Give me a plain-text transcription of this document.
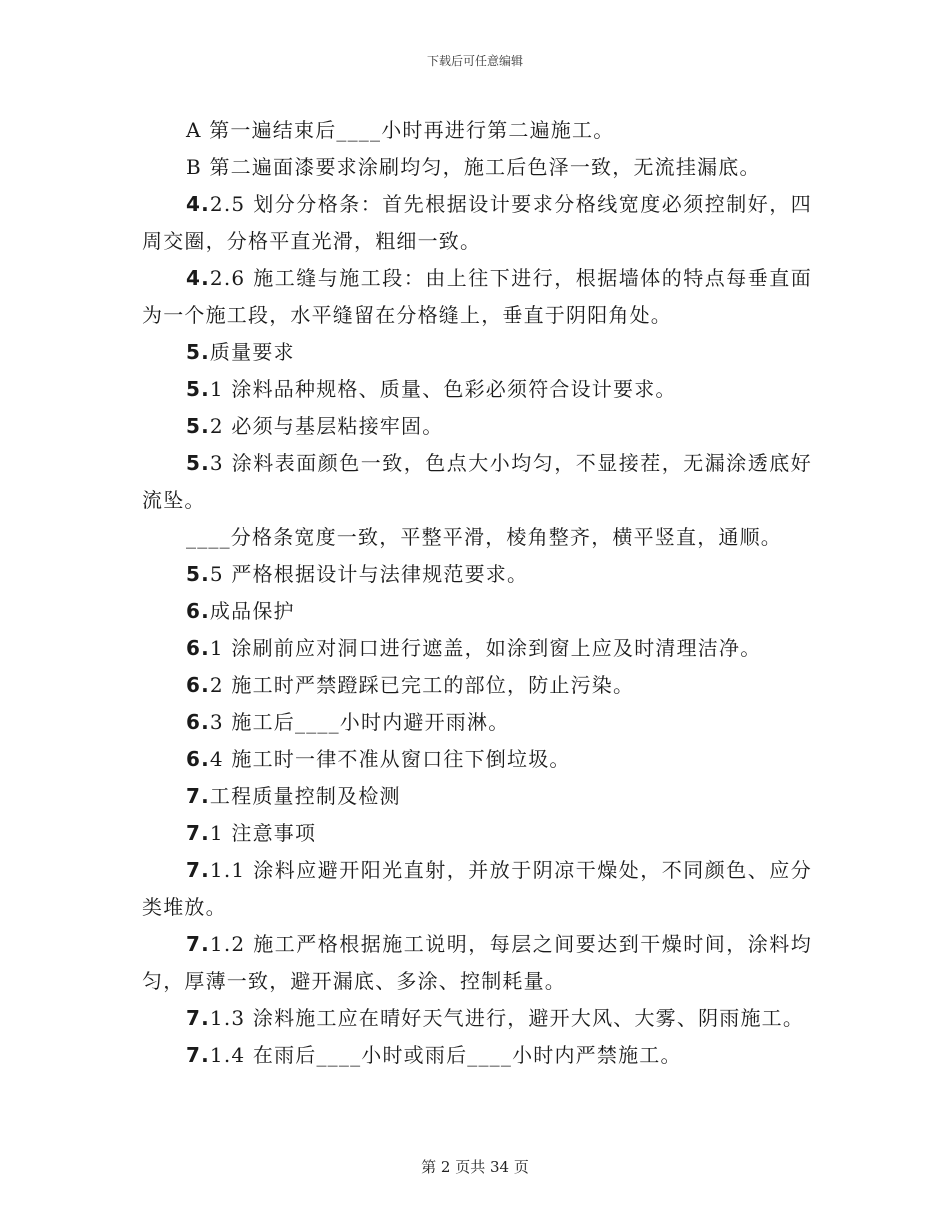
下载后可任意编辑

A 第一遍结束后____小时再进行第二遍施工。

B 第二遍面漆要求涂刷均匀，施工后色泽一致，无流挂漏底。

4.2.5 划分分格条：首先根据设计要求分格线宽度必须控制好，四周交圈，分格平直光滑，粗细一致。

4.2.6 施工缝与施工段：由上往下进行，根据墙体的特点每垂直面为一个施工段，水平缝留在分格缝上，垂直于阴阳角处。

5.质量要求

5.1 涂料品种规格、质量、色彩必须符合设计要求。

5.2 必须与基层粘接牢固。

5.3 涂料表面颜色一致，色点大小均匀，不显接茬，无漏涂透底好流坠。

____分格条宽度一致，平整平滑，棱角整齐，横平竖直，通顺。

5.5 严格根据设计与法律规范要求。

6.成品保护

6.1 涂刷前应对洞口进行遮盖，如涂到窗上应及时清理洁净。

6.2 施工时严禁蹬踩已完工的部位，防止污染。

6.3 施工后____小时内避开雨淋。

6.4 施工时一律不准从窗口往下倒垃圾。

7.工程质量控制及检测

7.1 注意事项

7.1.1 涂料应避开阳光直射，并放于阴凉干燥处，不同颜色、应分类堆放。

7.1.2 施工严格根据施工说明，每层之间要达到干燥时间，涂料均匀，厚薄一致，避开漏底、多涂、控制耗量。

7.1.3 涂料施工应在晴好天气进行，避开大风、大雾、阴雨施工。

7.1.4 在雨后____小时或雨后____小时内严禁施工。

第 2 页共 34 页
